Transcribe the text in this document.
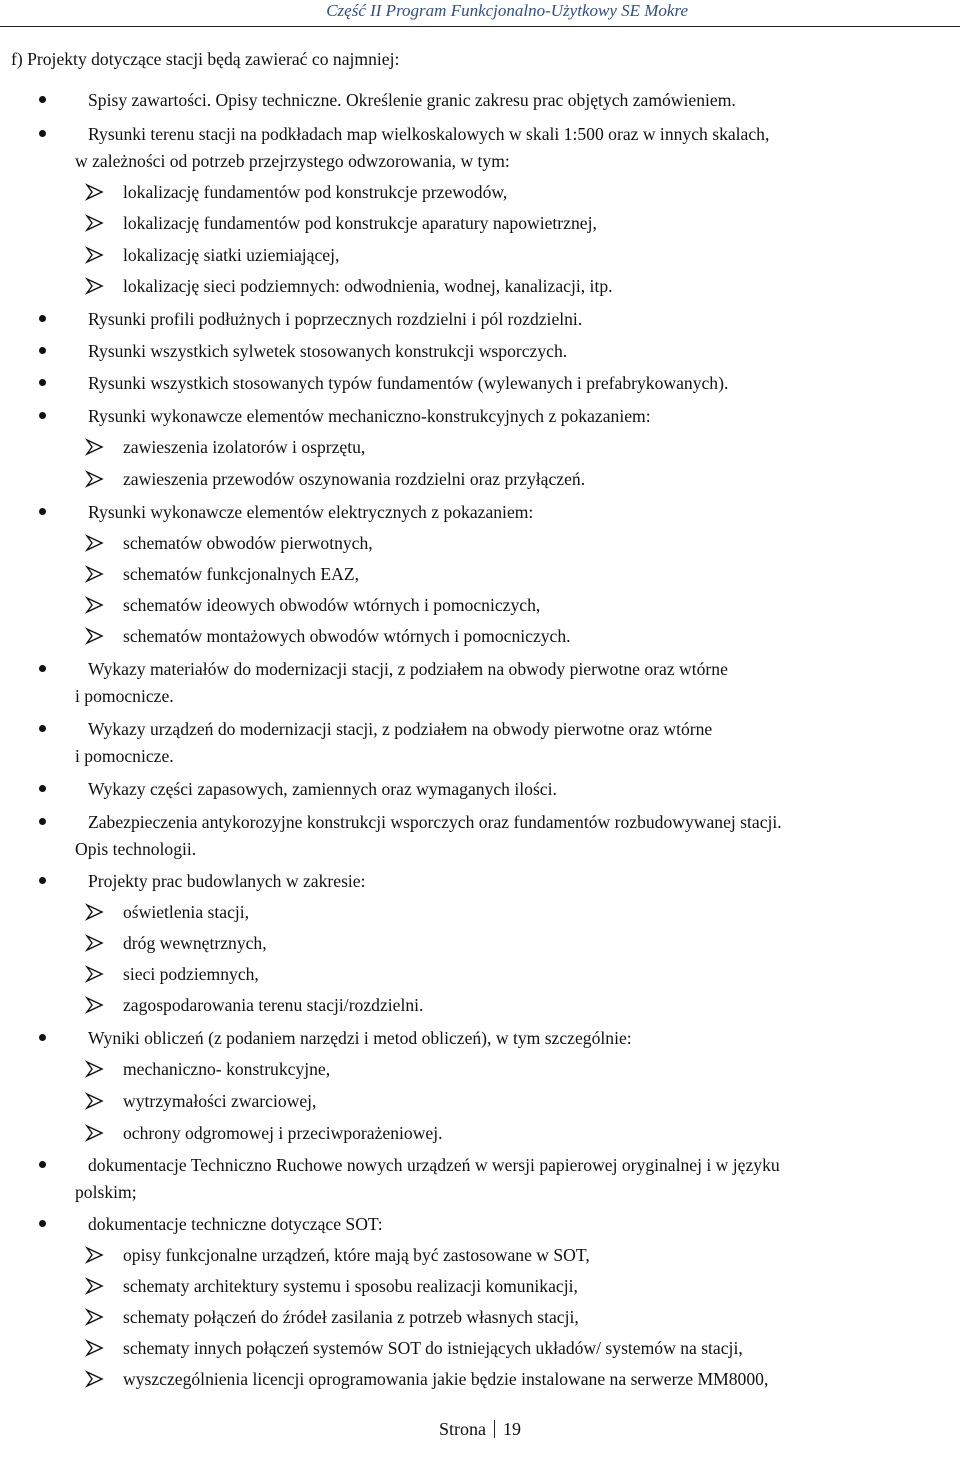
Część II Program Funkcjonalno-Użytkowy SE Mokre
f) Projekty dotyczące stacji będą zawierać co najmniej:
Spisy zawartości. Opisy techniczne. Określenie granic zakresu prac objętych zamówieniem.
Rysunki terenu stacji na podkładach map wielkoskalowych w skali 1:500 oraz w innych skalach,
w zależności od potrzeb przejrzystego odwzorowania, w tym:
lokalizację fundamentów pod konstrukcje przewodów,
lokalizację fundamentów pod konstrukcje aparatury napowietrznej,
lokalizację siatki uziemiającej,
lokalizację sieci podziemnych: odwodnienia, wodnej, kanalizacji, itp.
Rysunki profili podłużnych i poprzecznych rozdzielni i pól rozdzielni.
Rysunki wszystkich sylwetek stosowanych konstrukcji wsporczych.
Rysunki wszystkich stosowanych typów fundamentów (wylewanych i prefabrykowanych).
Rysunki wykonawcze elementów mechaniczno-konstrukcyjnych z pokazaniem:
zawieszenia izolatorów i osprzętu,
zawieszenia przewodów oszynowania rozdzielni oraz przyłączeń.
Rysunki wykonawcze elementów elektrycznych z pokazaniem:
schematów obwodów pierwotnych,
schematów funkcjonalnych EAZ,
schematów ideowych obwodów wtórnych i pomocniczych,
schematów montażowych obwodów wtórnych i pomocniczych.
Wykazy materiałów do modernizacji stacji, z podziałem na obwody pierwotne oraz wtórne
i pomocnicze.
Wykazy urządzeń do modernizacji stacji, z podziałem na obwody pierwotne oraz wtórne
i pomocnicze.
Wykazy części zapasowych, zamiennych oraz wymaganych ilości.
Zabezpieczenia antykorozyjne konstrukcji wsporczych oraz fundamentów rozbudowywanej stacji.
Opis technologii.
Projekty prac budowlanych w zakresie:
oświetlenia stacji,
dróg wewnętrznych,
sieci podziemnych,
zagospodarowania terenu stacji/rozdzielni.
Wyniki obliczeń (z podaniem narzędzi i metod obliczeń), w tym szczególnie:
mechaniczno- konstrukcyjne,
wytrzymałości zwarciowej,
ochrony odgromowej i przeciwporażeniowej.
dokumentacje Techniczno Ruchowe nowych urządzeń w wersji papierowej oryginalnej i w języku
polskim;
dokumentacje techniczne dotyczące SOT:
opisy funkcjonalne urządzeń, które mają być zastosowane w SOT,
schematy architektury systemu i sposobu realizacji komunikacji,
schematy połączeń do źródeł zasilania z potrzeb własnych stacji,
schematy innych połączeń systemów SOT do istniejących układów/ systemów na stacji,
wyszczególnienia licencji oprogramowania jakie będzie instalowane na serwerze MM8000,
Strona 19
